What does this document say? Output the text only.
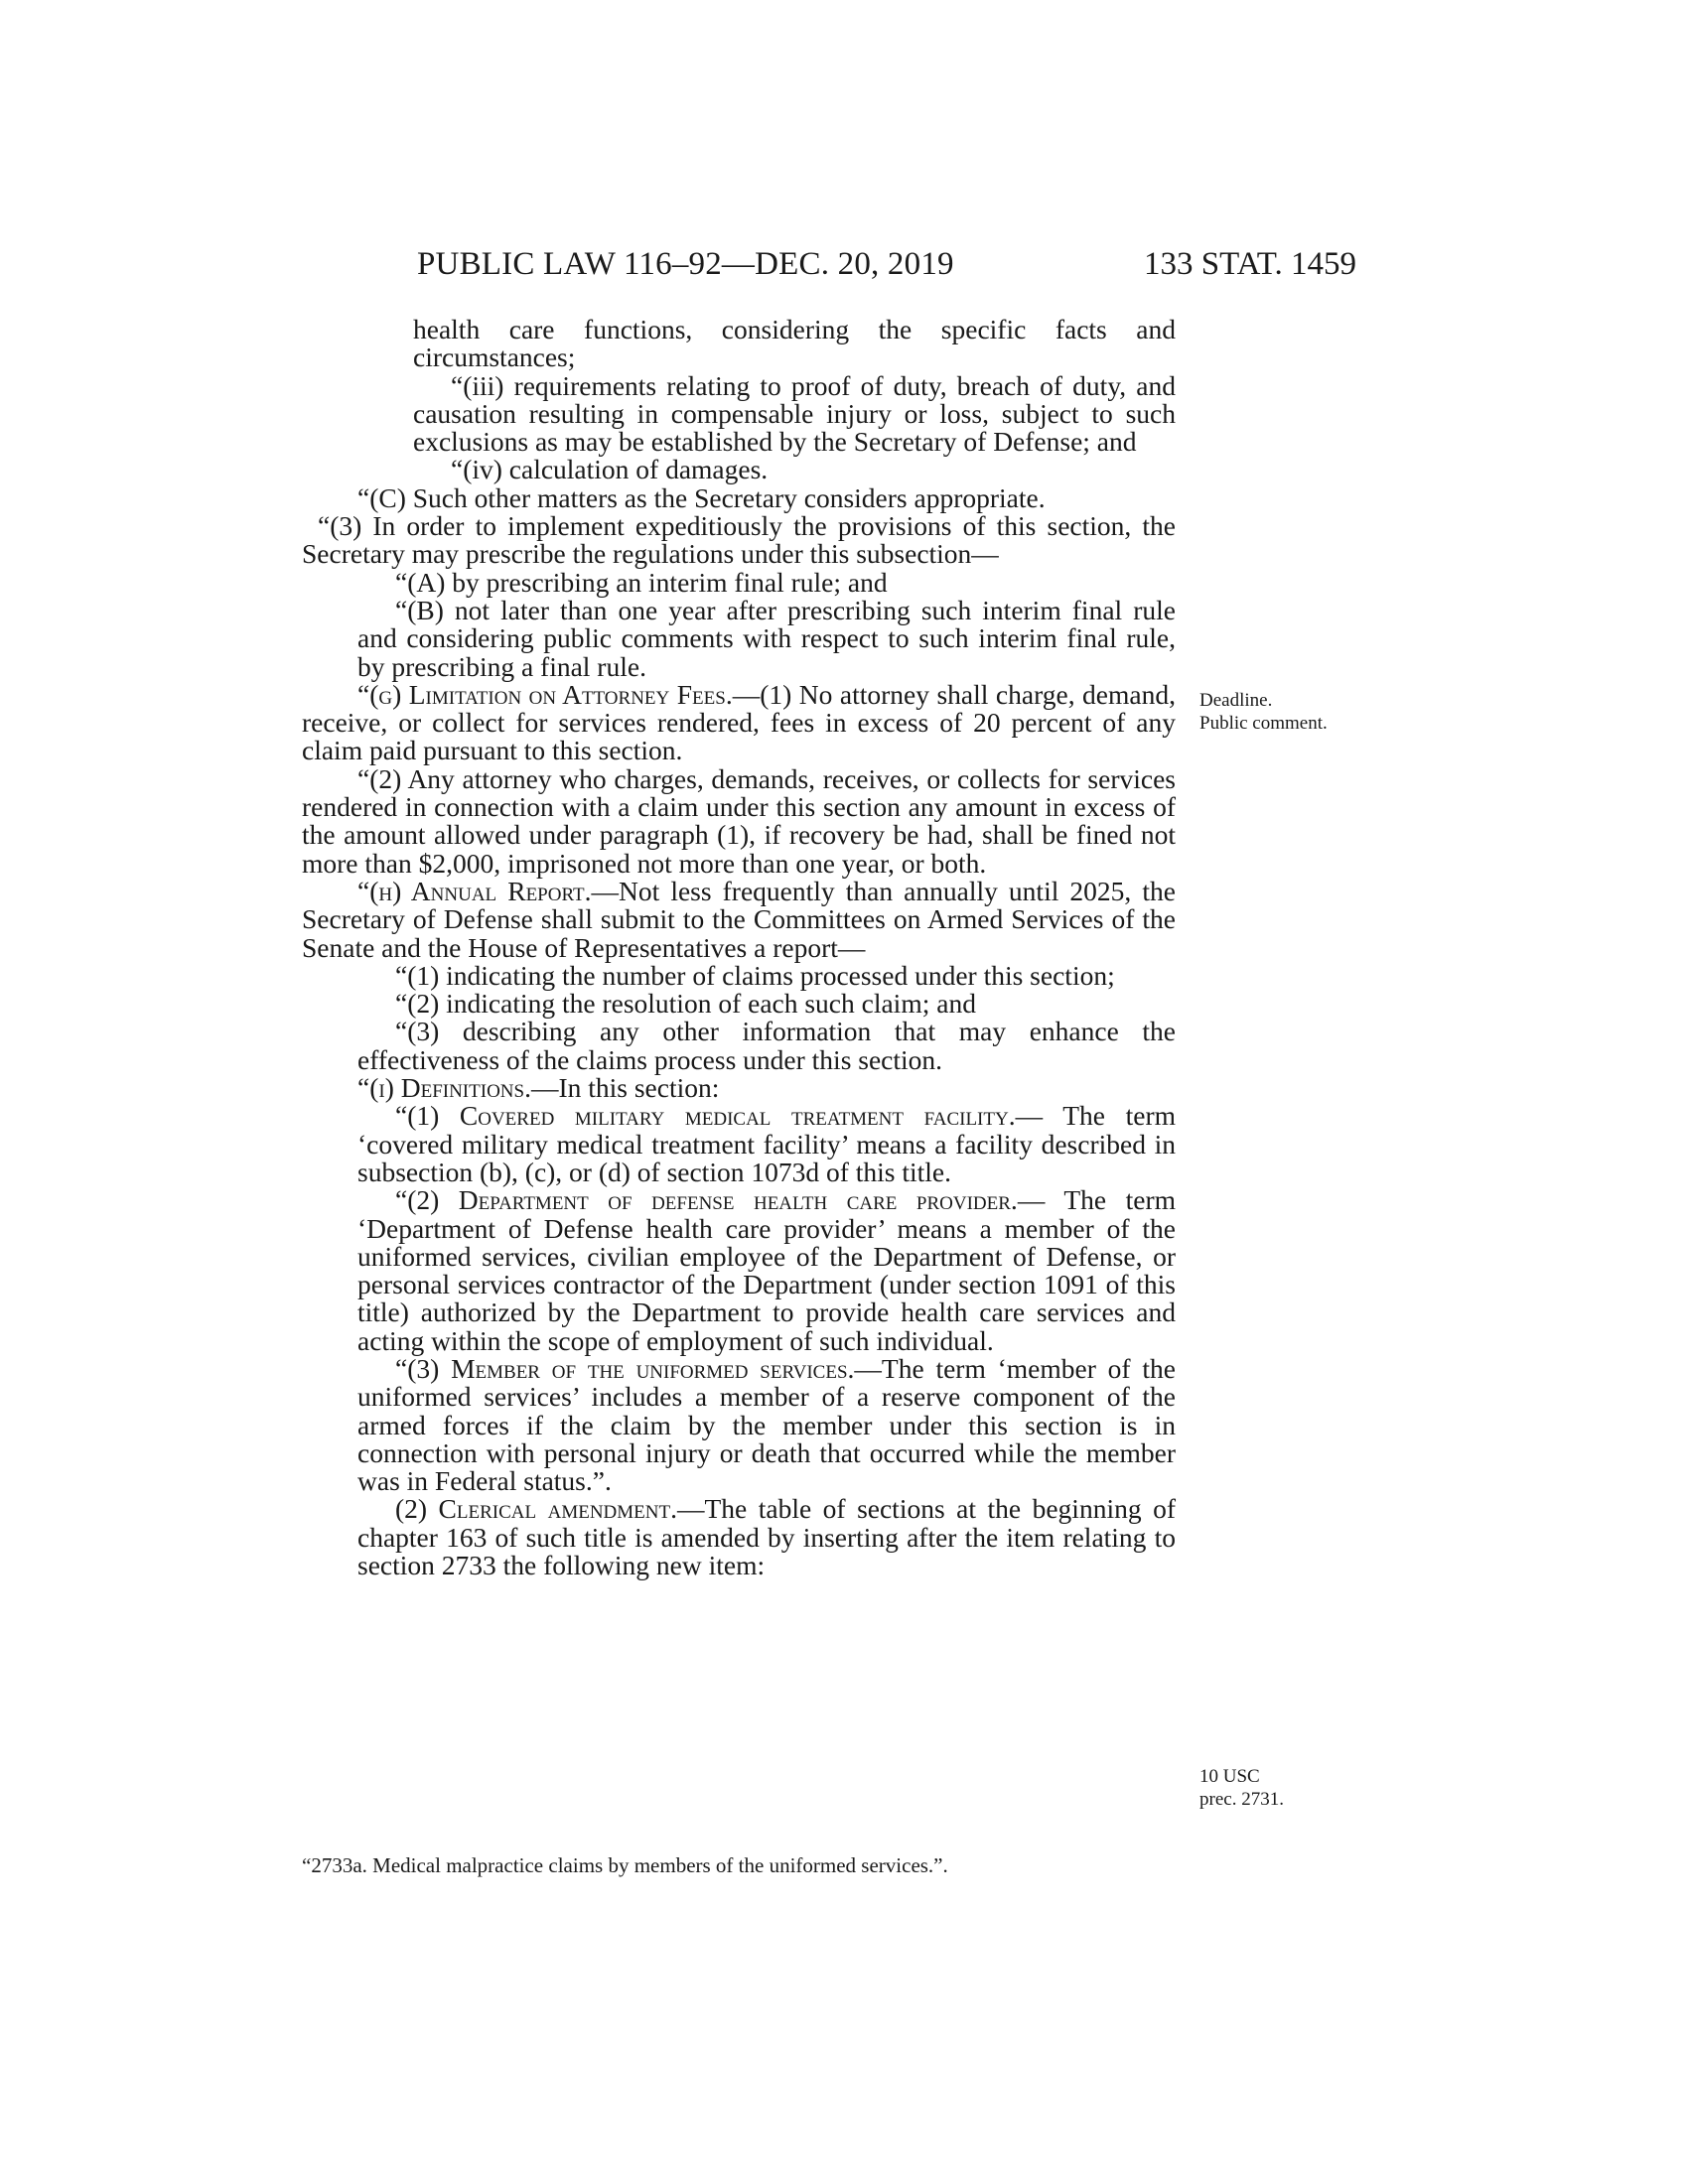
PUBLIC LAW 116–92—DEC. 20, 2019	133 STAT. 1459

health care functions, considering the specific facts and circumstances;

“(iii) requirements relating to proof of duty, breach of duty, and causation resulting in compensable injury or loss, subject to such exclusions as may be established by the Secretary of Defense; and

“(iv) calculation of damages.

“(C) Such other matters as the Secretary considers appropriate.

“(3) In order to implement expeditiously the provisions of this section, the Secretary may prescribe the regulations under this subsection—

“(A) by prescribing an interim final rule; and

“(B) not later than one year after prescribing such interim final rule and considering public comments with respect to such interim final rule, by prescribing a final rule.

“(g) Limitation on Attorney Fees.—(1) No attorney shall charge, demand, receive, or collect for services rendered, fees in excess of 20 percent of any claim paid pursuant to this section.

“(2) Any attorney who charges, demands, receives, or collects for services rendered in connection with a claim under this section any amount in excess of the amount allowed under paragraph (1), if recovery be had, shall be fined not more than $2,000, imprisoned not more than one year, or both.

“(h) Annual Report.—Not less frequently than annually until 2025, the Secretary of Defense shall submit to the Committees on Armed Services of the Senate and the House of Representatives a report—

“(1) indicating the number of claims processed under this section;

“(2) indicating the resolution of each such claim; and

“(3) describing any other information that may enhance the effectiveness of the claims process under this section.

“(i) Definitions.—In this section:

“(1) Covered military medical treatment facility.— The term ‘covered military medical treatment facility’ means a facility described in subsection (b), (c), or (d) of section 1073d of this title.

“(2) Department of defense health care provider.— The term ‘Department of Defense health care provider’ means a member of the uniformed services, civilian employee of the Department of Defense, or personal services contractor of the Department (under section 1091 of this title) authorized by the Department to provide health care services and acting within the scope of employment of such individual.

“(3) Member of the uniformed services.—The term ‘member of the uniformed services’ includes a member of a reserve component of the armed forces if the claim by the member under this section is in connection with personal injury or death that occurred while the member was in Federal status.”.

(2) Clerical amendment.—The table of sections at the beginning of chapter 163 of such title is amended by inserting after the item relating to section 2733 the following new item:

Deadline.
Public comment.
10 USC
prec. 2731.
“2733a. Medical malpractice claims by members of the uniformed services.”.
